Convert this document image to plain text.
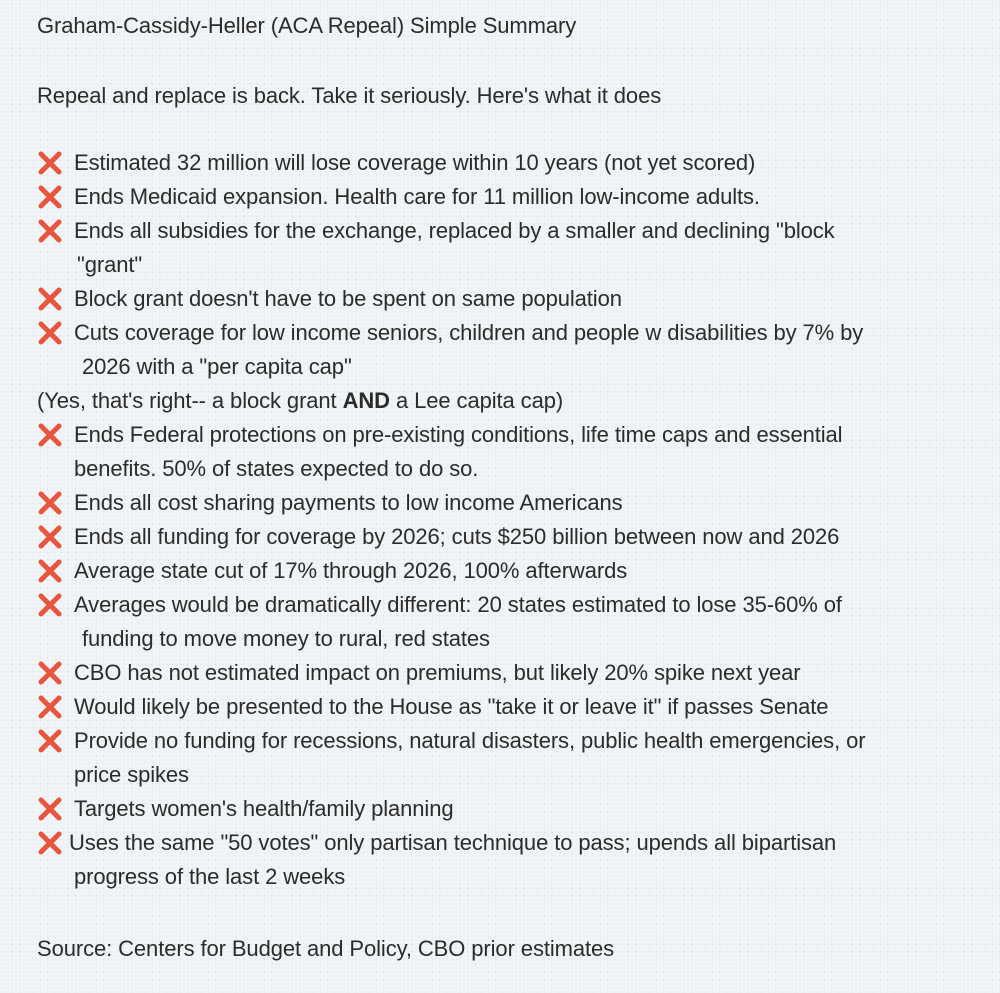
Graham-Cassidy-Heller (ACA Repeal) Simple Summary
Repeal and replace is back. Take it seriously. Here's what it does
Estimated 32 million will lose coverage within 10 years (not yet scored)
Ends Medicaid expansion. Health care for 11 million low-income adults.
Ends all subsidies for the exchange, replaced by a smaller and declining "block
"grant"
Block grant doesn't have to be spent on same population
Cuts coverage for low income seniors, children and people w disabilities by 7% by
2026 with a "per capita cap"
(Yes, that's right-- a block grant AND a Lee capita cap)
Ends Federal protections on pre-existing conditions, life time caps and essential
benefits. 50% of states expected to do so.
Ends all cost sharing payments to low income Americans
Ends all funding for coverage by 2026; cuts $250 billion between now and 2026
Average state cut of 17% through 2026, 100% afterwards
Averages would be dramatically different: 20 states estimated to lose 35-60% of
funding to move money to rural, red states
CBO has not estimated impact on premiums, but likely 20% spike next year
Would likely be presented to the House as "take it or leave it" if passes Senate
Provide no funding for recessions, natural disasters, public health emergencies, or
price spikes
Targets women's health/family planning
Uses the same "50 votes" only partisan technique to pass; upends all bipartisan
progress of the last 2 weeks
Source: Centers for Budget and Policy, CBO prior estimates
